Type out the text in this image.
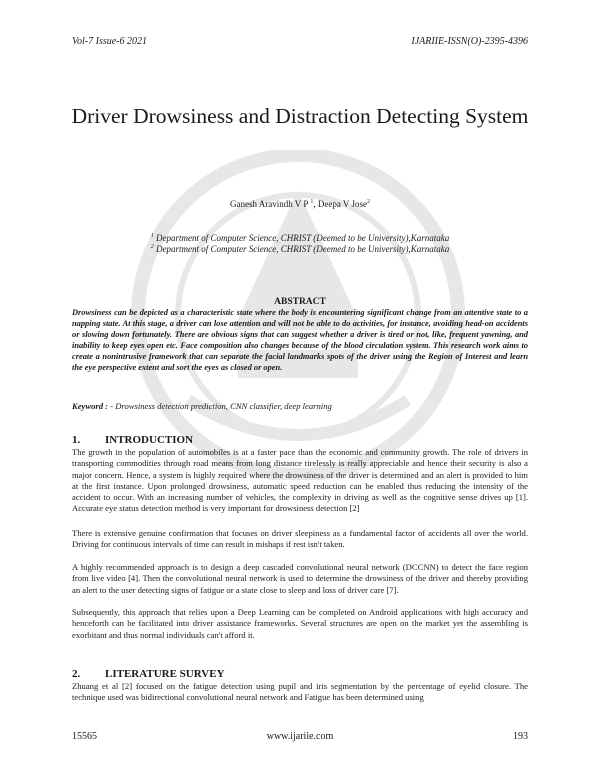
Vol-7 Issue-6 2021	IJARIIE-ISSN(O)-2395-4396
Driver Drowsiness and Distraction Detecting System
Ganesh Aravindh V P $^1$, Deepa V Jose$^2$
$^1$ Department of Computer Science, CHRIST (Deemed to be University),Karnataka
$^2$ Department of Computer Science, CHRIST (Deemed to be University),Karnataka
ABSTRACT

Drowsiness can be depicted as a characteristic state where the body is encountering significant change from an attentive state to a napping state. At this stage, a driver can lose attention and will not be able to do activities, for instance, avoiding head-on accidents or slowing down fortunately. There are obvious signs that can suggest whether a driver is tired or not, like, frequent yawning, and inability to keep eyes open etc. Face composition also changes because of the blood circulation system. This research work aims to create a nonintrusive framework that can separate the facial landmarks spots of the driver using the Region of Interest and learn the eye perspective extent and sort the eyes as closed or open.

Keyword : - Drowsiness detection prediction, CNN classifier, deep learning

1. INTRODUCTION

The growth in the population of automobiles is at a faster pace than the economic and community growth. The role of drivers in transporting commodities through road means from long distance tirelessly is really appreciable and hence their security is also a major concern. Hence, a system is highly required where the drowsiness of the driver is determined and an alert is provided to him at the first instance. Upon prolonged drowsiness, automatic speed reduction can be enabled thus reducing the intensity of the accident to occur. With an increasing number of vehicles, the complexity in driving as well as the cognitive sense drives up [1]. Accurate eye status detection method is very important for drowsiness detection [2]

There is extensive genuine confirmation that focuses on driver sleepiness as a fundamental factor of accidents all over the world. Driving for continuous intervals of time can result in mishaps if rest isn't taken.

A highly recommended approach is to design a deep cascaded convolutional neural network (DCCNN) to detect the face region from live video [4]. Then the convolutional neural network is used to determine the drowsiness of the driver and thereby providing an alert to the user detecting signs of fatigue or a state close to sleep and loss of driver care [7].

Subsequently, this approach that relies upon a Deep Learning can be completed on Android applications with high accuracy and henceforth can be facilitated into driver assistance frameworks. Several structures are open on the market yet the assembling is exorbitant and thus normal individuals can't afford it.

2. LITERATURE SURVEY

Zhuang et al [2] focused on the fatigue detection using pupil and iris segmentation by the percentage of eyelid closure. The technique used was bidirectional convolutional neural network and Fatigue has been determined using

15565	www.ijariie.com	193
